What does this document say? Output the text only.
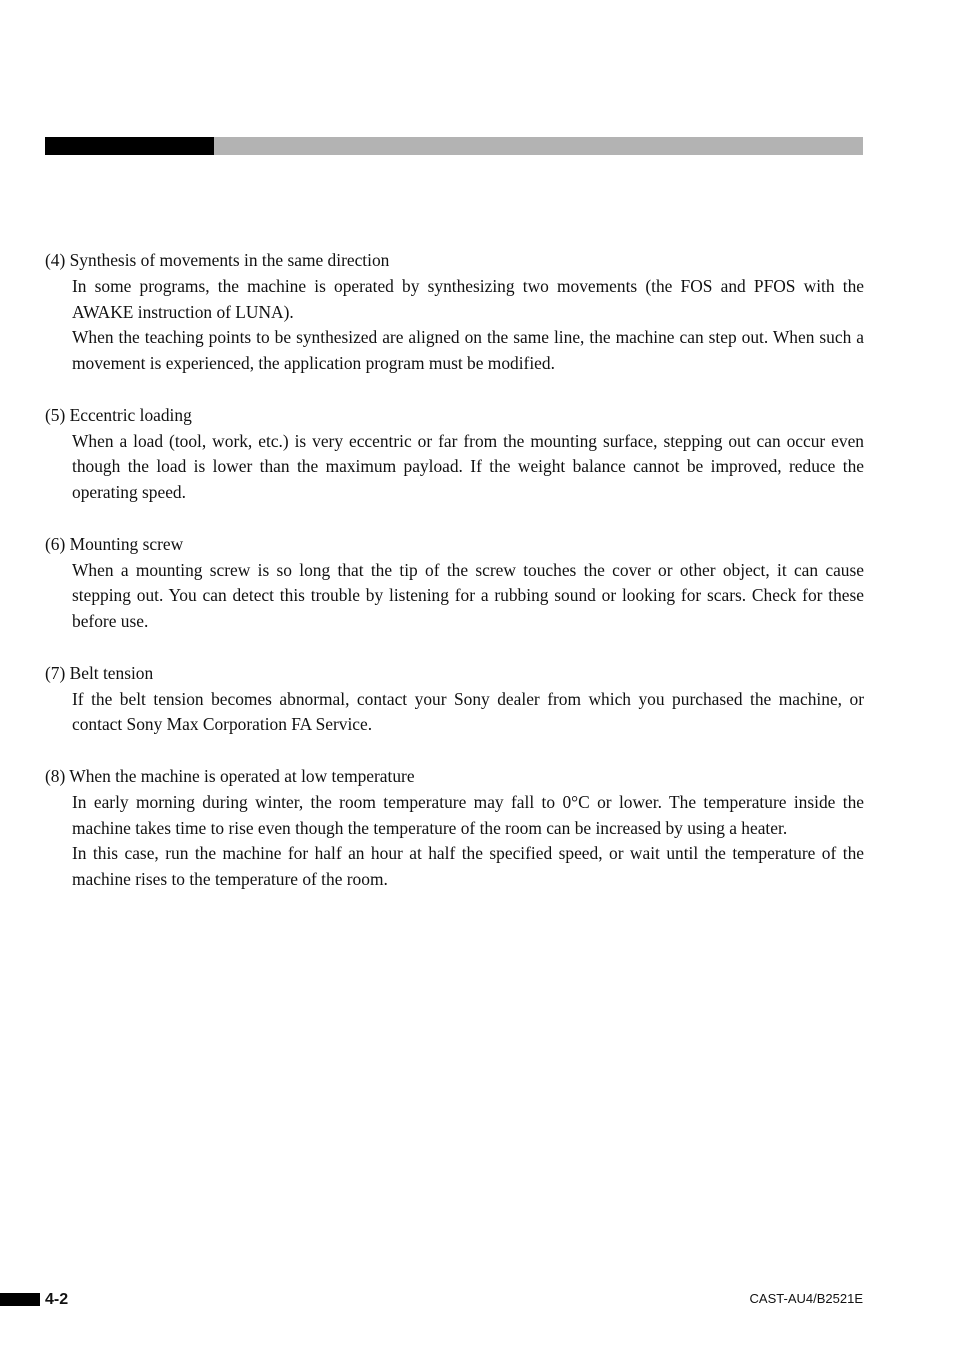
(4) Synthesis of movements in the same direction

In some programs, the machine is operated by synthesizing two movements (the FOS and PFOS with the AWAKE instruction of LUNA).

When the teaching points to be synthesized are aligned on the same line, the machine can step out. When such a movement is experienced, the application program must be modified.

(5) Eccentric loading

When a load (tool, work, etc.) is very eccentric or far from the mounting surface, stepping out can occur even though the load is lower than the maximum payload. If the weight balance cannot be improved, reduce the operating speed.

(6) Mounting screw

When a mounting screw is so long that the tip of the screw touches the cover or other object, it can cause stepping out. You can detect this trouble by listening for a rubbing sound or looking for scars. Check for these before use.

(7) Belt tension

If the belt tension becomes abnormal, contact your Sony dealer from which you purchased the machine, or contact Sony Max Corporation FA Service.

(8) When the machine is operated at low temperature

In early morning during winter, the room temperature may fall to 0°C or lower. The temperature inside the machine takes time to rise even though the temperature of the room can be increased by using a heater.

In this case, run the machine for half an hour at half the specified speed, or wait until the temperature of the machine rises to the temperature of the room.

4-2	CAST-AU4/B2521E
